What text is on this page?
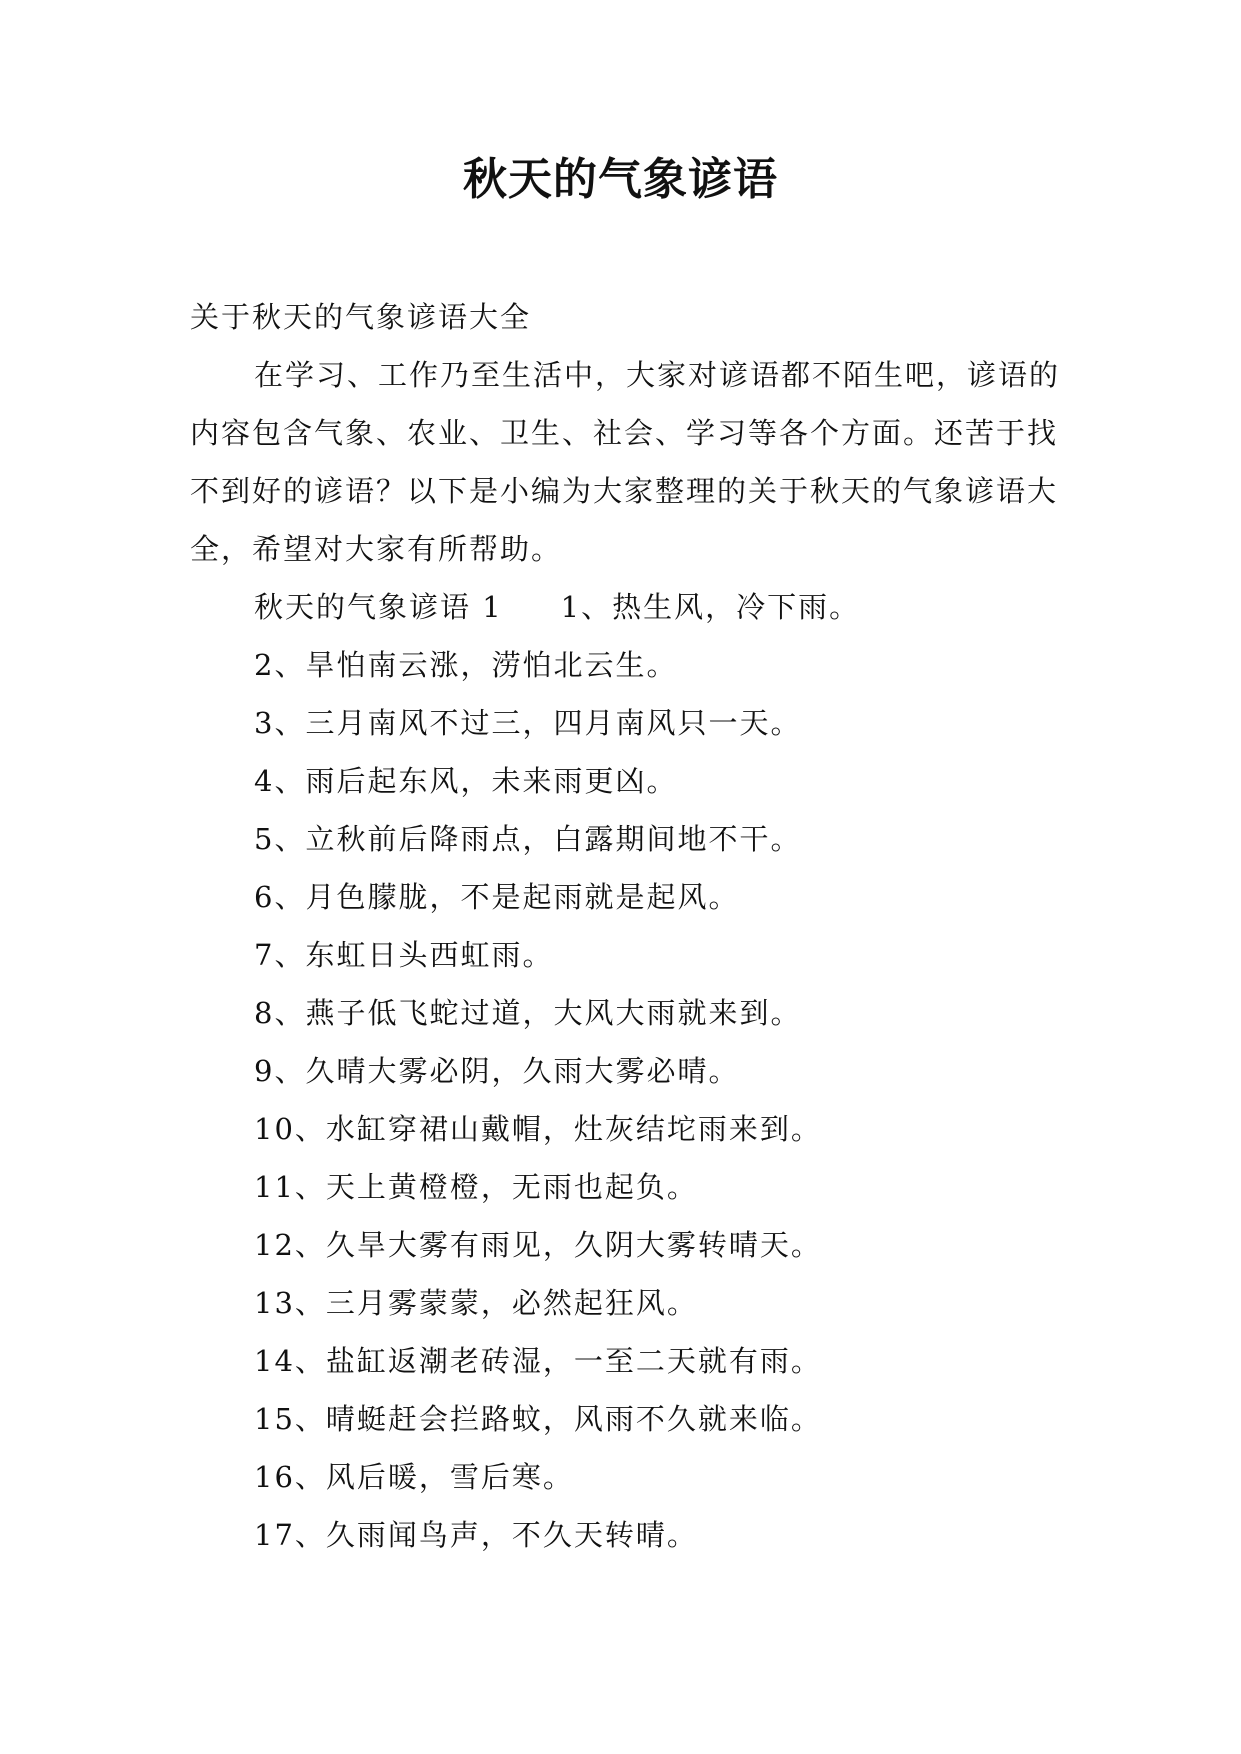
秋天的气象谚语

关于秋天的气象谚语大全

在学习、工作乃至生活中，大家对谚语都不陌生吧，谚语的内容包含气象、农业、卫生、社会、学习等各个方面。还苦于找不到好的谚语？以下是小编为大家整理的关于秋天的气象谚语大全，希望对大家有所帮助。

秋天的气象谚语 1 1、热生风，冷下雨。

2、旱怕南云涨，涝怕北云生。

3、三月南风不过三，四月南风只一天。

4、雨后起东风，未来雨更凶。

5、立秋前后降雨点，白露期间地不干。

6、月色朦胧，不是起雨就是起风。

7、东虹日头西虹雨。

8、燕子低飞蛇过道，大风大雨就来到。

9、久晴大雾必阴，久雨大雾必晴。

10、水缸穿裙山戴帽，灶灰结坨雨来到。

11、天上黄橙橙，无雨也起负。

12、久旱大雾有雨见，久阴大雾转晴天。

13、三月雾蒙蒙，必然起狂风。

14、盐缸返潮老砖湿，一至二天就有雨。

15、晴蜓赶会拦路蚊，风雨不久就来临。

16、风后暖，雪后寒。

17、久雨闻鸟声，不久天转晴。
